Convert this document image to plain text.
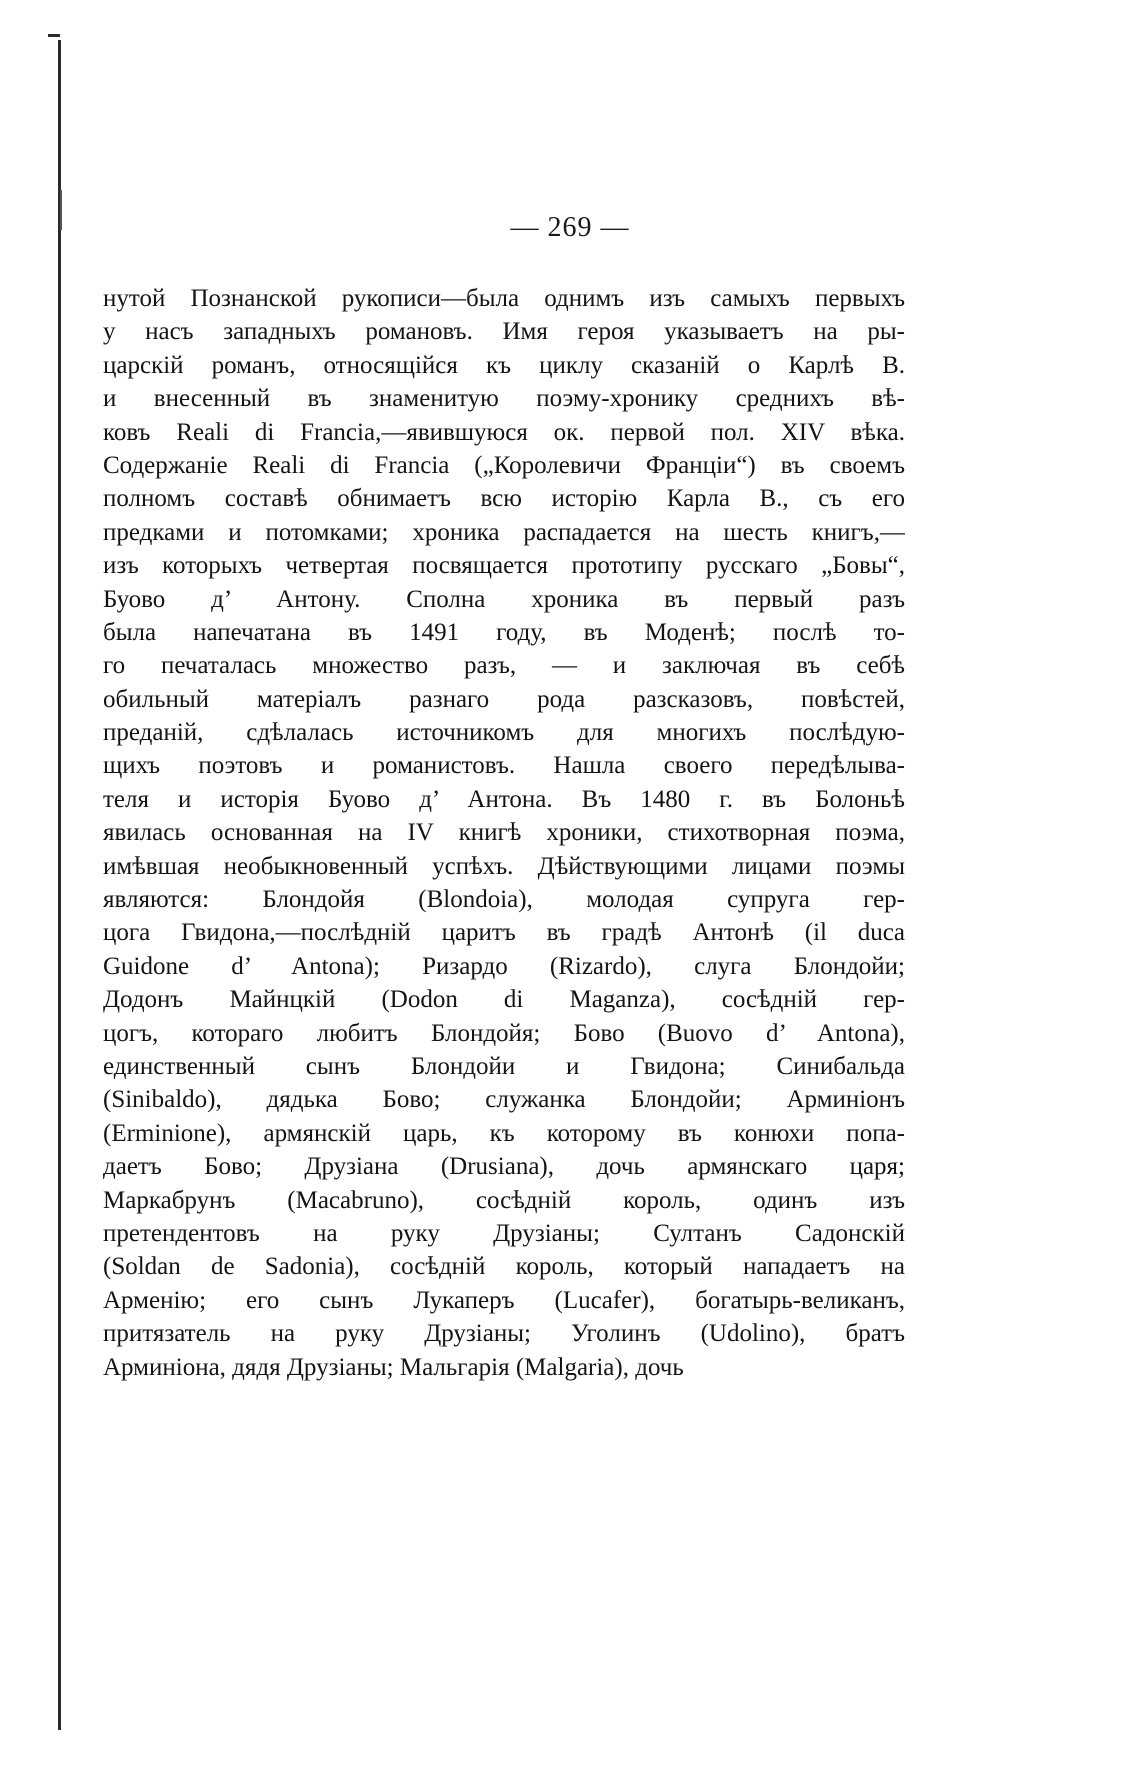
— 269 —
нутой Познанской рукописи—была однимъ изъ самыхъ первыхъ
у насъ западныхъ романовъ. Имя героя указываетъ на ры-
царскій романъ, относящійся къ циклу сказаній о Карлѣ В.
и внесенный въ знаменитую поэму-хронику среднихъ вѣ-
ковъ Reali di Francia,—явившуюся ок. первой пол. XIV вѣка.
Содержаніе Reali di Francia („Королевичи Франціи“) въ своемъ
полномъ составѣ обнимаетъ всю исторію Карла В., съ его
предками и потомками; хроника распадается на шесть книгъ,—
изъ которыхъ четвертая посвящается прототипу русскаго „Бовы“,
Буово д’ Антону. Сполна хроника въ первый разъ
была напечатана въ 1491 году, въ Моденѣ; послѣ то-
го печаталась множество разъ, — и заключая въ себѣ
обильный матеріалъ разнаго рода разсказовъ, повѣстей,
преданій, сдѣлалась источникомъ для многихъ послѣдую-
щихъ поэтовъ и романистовъ. Нашла своего передѣлыва-
теля и исторія Буово д’ Антона. Въ 1480 г. въ Болоньѣ
явилась основанная на IV книгѣ хроники, стихотворная поэма,
имѣвшая необыкновенный успѣхъ. Дѣйствующими лицами поэмы
являются: Блондойя (Blondoia), молодая супруга гер-
цога Гвидона,—послѣдній царитъ въ градѣ Антонѣ (il duca
Guidone d’ Antona); Ризардо (Rizardo), слуга Блондойи;
Додонъ Майнцкій (Dodon di Maganza), сосѣдній гер-
цогъ, котораго любитъ Блондойя; Бово (Buovo d’ Antona),
единственный сынъ Блондойи и Гвидона; Синибальда
(Sinibaldo), дядька Бово; служанка Блондойи; Арминіонъ
(Erminione), армянскій царь, къ которому въ конюхи попа-
даетъ Бово; Друзіана (Drusiana), дочь армянскаго царя;
Маркабрунъ (Macabruno), сосѣдній король, одинъ изъ
претендентовъ на руку Друзіаны; Султанъ Садонскій
(Soldan de Sadonia), сосѣдній король, который нападаетъ на
Арменію; его сынъ Лукаперъ (Lucafer), богатырь-великанъ,
притязатель на руку Друзіаны; Уголинъ (Udolino), братъ
Арминіона, дядя Друзіаны; Мальгарія (Malgaria), дочь
